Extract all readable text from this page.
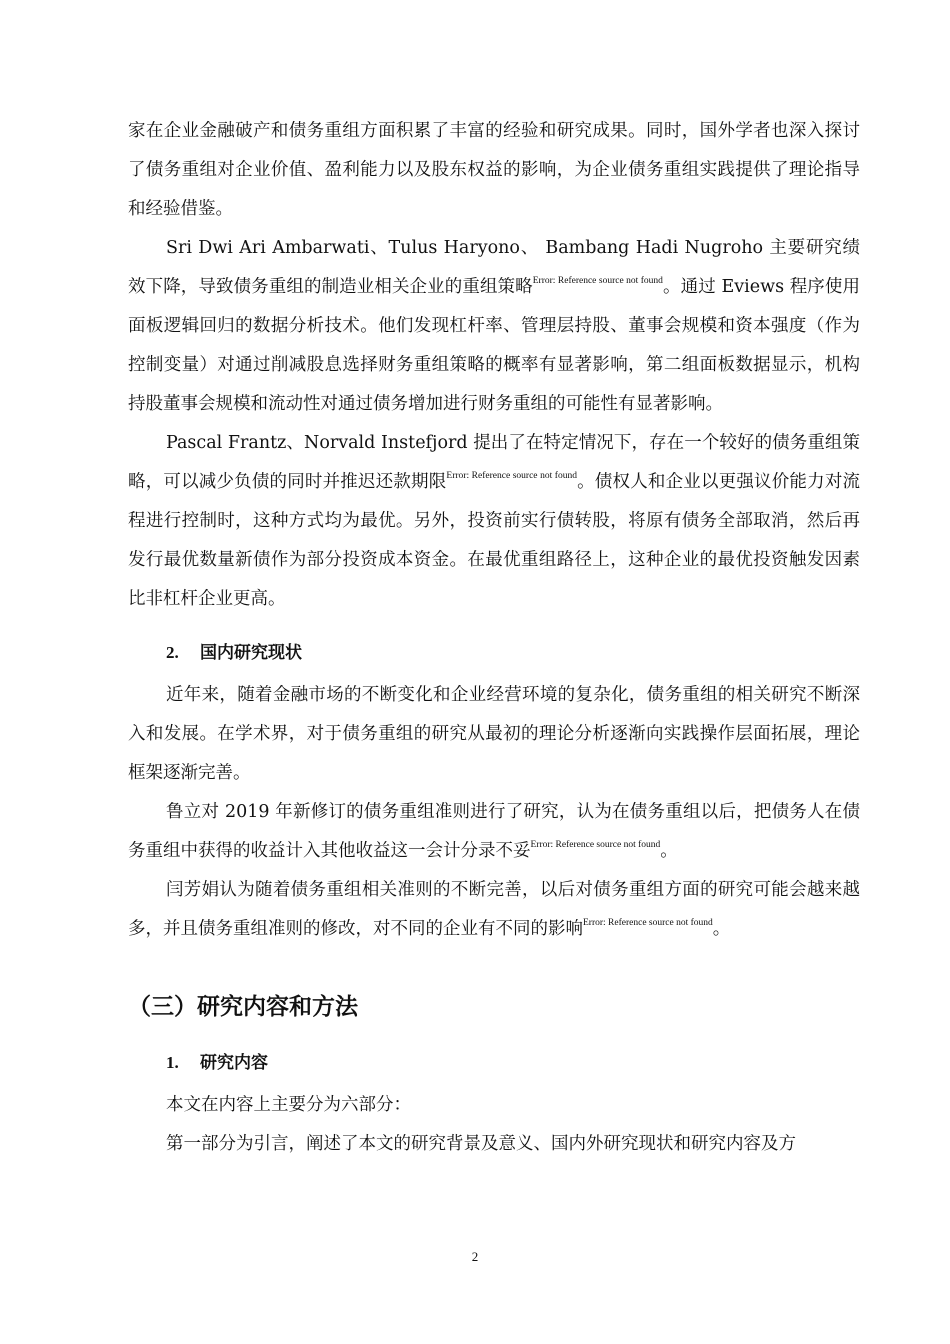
家在企业金融破产和债务重组方面积累了丰富的经验和研究成果。同时，国外学者也深入探讨了债务重组对企业价值、盈利能力以及股东权益的影响，为企业债务重组实践提供了理论指导和经验借鉴。

Sri Dwi Ari Ambarwati、Tulus Haryono、 Bambang Hadi Nugroho 主要研究绩效下降，导致债务重组的制造业相关企业的重组策略$^{Error: Reference source not found}$。通过 Eviews 程序使用面板逻辑回归的数据分析技术。他们发现杠杆率、管理层持股、董事会规模和资本强度（作为控制变量）对通过削减股息选择财务重组策略的概率有显著影响，第二组面板数据显示，机构持股董事会规模和流动性对通过债务增加进行财务重组的可能性有显著影响。

Pascal Frantz、Norvald Instefjord 提出了在特定情况下，存在一个较好的债务重组策略，可以减少负债的同时并推迟还款期限$^{Error: Reference source not found}$。债权人和企业以更强议价能力对流程进行控制时，这种方式均为最优。另外，投资前实行债转股，将原有债务全部取消，然后再发行最优数量新债作为部分投资成本资金。在最优重组路径上，这种企业的最优投资触发因素比非杠杆企业更高。

2. 国内研究现状

近年来，随着金融市场的不断变化和企业经营环境的复杂化，债务重组的相关研究不断深入和发展。在学术界，对于债务重组的研究从最初的理论分析逐渐向实践操作层面拓展，理论框架逐渐完善。

鲁立对 2019 年新修订的债务重组准则进行了研究，认为在债务重组以后，把债务人在债务重组中获得的收益计入其他收益这一会计分录不妥$^{Error: Reference source not found}$。

闫芳娟认为随着债务重组相关准则的不断完善，以后对债务重组方面的研究可能会越来越多，并且债务重组准则的修改，对不同的企业有不同的影响$^{Error: Reference source not found}$。

（三）研究内容和方法
1. 研究内容

本文在内容上主要分为六部分：

第一部分为引言，阐述了本文的研究背景及意义、国内外研究现状和研究内容及方

2
